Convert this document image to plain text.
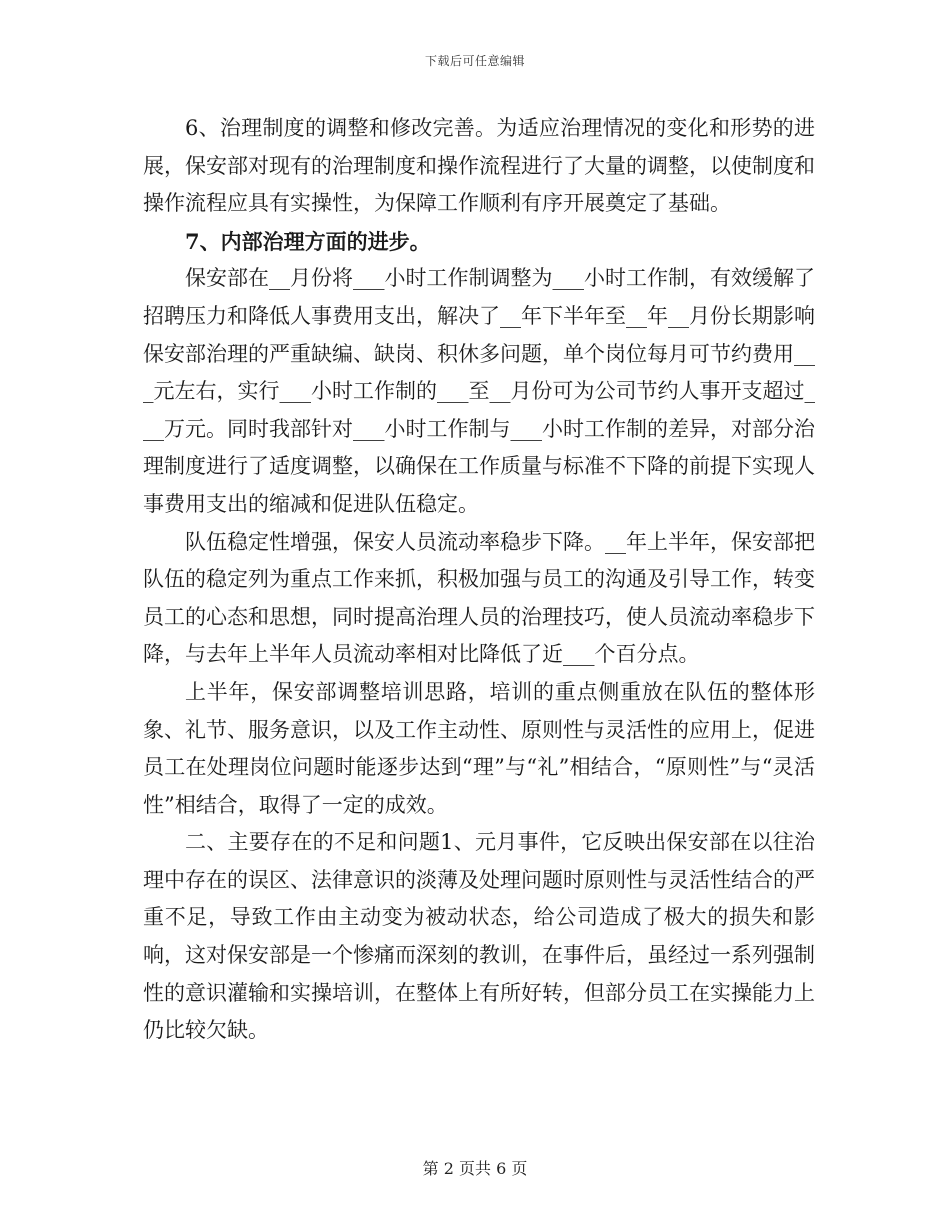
下载后可任意编辑

6、治理制度的调整和修改完善。为适应治理情况的变化和形势的进展，保安部对现有的治理制度和操作流程进行了大量的调整，以使制度和操作流程应具有实操性，为保障工作顺利有序开展奠定了基础。

7、内部治理方面的进步。

保安部在__月份将___小时工作制调整为___小时工作制，有效缓解了招聘压力和降低人事费用支出，解决了__年下半年至__年__月份长期影响保安部治理的严重缺编、缺岗、积休多问题，单个岗位每月可节约费用___元左右，实行___小时工作制的___至__月份可为公司节约人事开支超过___万元。同时我部针对___小时工作制与___小时工作制的差异，对部分治理制度进行了适度调整，以确保在工作质量与标准不下降的前提下实现人事费用支出的缩减和促进队伍稳定。

队伍稳定性增强，保安人员流动率稳步下降。__年上半年，保安部把队伍的稳定列为重点工作来抓，积极加强与员工的沟通及引导工作，转变员工的心态和思想，同时提高治理人员的治理技巧，使人员流动率稳步下降，与去年上半年人员流动率相对比降低了近___个百分点。

上半年，保安部调整培训思路，培训的重点侧重放在队伍的整体形象、礼节、服务意识，以及工作主动性、原则性与灵活性的应用上，促进员工在处理岗位问题时能逐步达到“理”与“礼”相结合，“原则性”与“灵活性”相结合，取得了一定的成效。

二、主要存在的不足和问题1、元月事件，它反映出保安部在以往治理中存在的误区、法律意识的淡薄及处理问题时原则性与灵活性结合的严重不足，导致工作由主动变为被动状态，给公司造成了极大的损失和影响，这对保安部是一个惨痛而深刻的教训，在事件后，虽经过一系列强制性的意识灌输和实操培训，在整体上有所好转，但部分员工在实操能力上仍比较欠缺。

第 2 页共 6 页
